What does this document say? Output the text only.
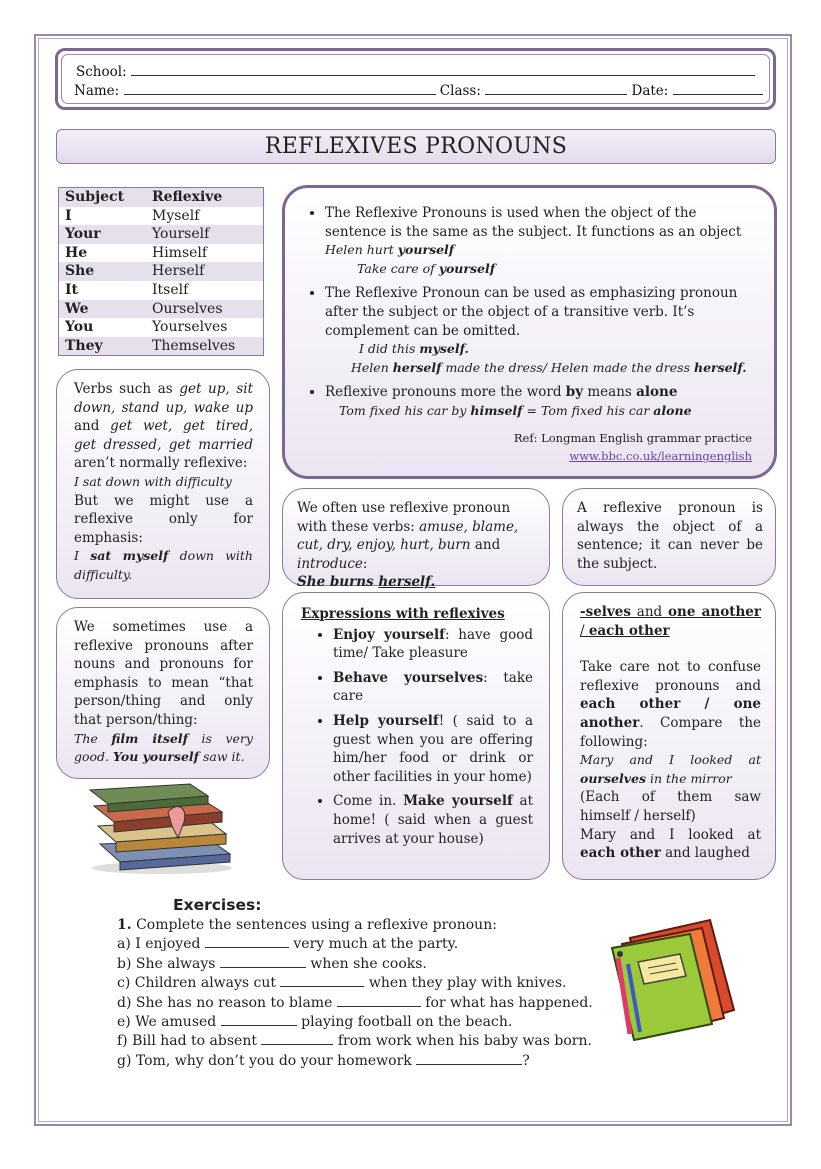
School:
Name:	Class:	Date:
REFLEXIVES PRONOUNS
Subject	Reflexive
I	Myself
Your	Yourself
He	Himself
She	Herself
It	Itself
We	Ourselves
You	Yourselves
They	Themselves
• The Reflexive Pronouns is used when the object of the sentence is the same as the subject. It functions as an object
Helen hurt yourself
Take care of yourself
• The Reflexive Pronoun can be used as emphasizing pronoun after the subject or the object of a transitive verb. It’s complement can be omitted.
I did this myself.
Helen herself made the dress/ Helen made the dress herself.
• Reflexive pronouns more the word by means alone
Tom fixed his car by himself = Tom fixed his car alone
Ref: Longman English grammar practice
www.bbc.co.uk/learningenglish
Verbs such as get up, sit down, stand up, wake up and get wet, get tired, get dressed, get married aren’t normally reflexive:
I sat down with difficulty
But we might use a reflexive only for emphasis:
I sat myself down with difficulty.
We often use reflexive pronoun with these verbs: amuse, blame, cut, dry, enjoy, hurt, burn and introduce:
She burns herself.
A reflexive pronoun is always the object of a sentence; it can never be the subject.
We sometimes use a reflexive pronouns after nouns and pronouns for emphasis to mean “that person/thing and only that person/thing:
The film itself is very good. You yourself saw it.
Expressions with reflexives
• Enjoy yourself: have good time/ Take pleasure
• Behave yourselves: take care
• Help yourself! ( said to a guest when you are offering him/her food or drink or other facilities in your home)
• Come in. Make yourself at home! ( said when a guest arrives at your house)
-selves and one another / each other
Take care not to confuse reflexive pronouns and each other / one another. Compare the following:
Mary and I looked at ourselves in the mirror
(Each of them saw himself / herself)
Mary and I looked at each other and laughed
Exercises:
1. Complete the sentences using a reflexive pronoun:
a) I enjoyed	very much at the party.
b) She always	when she cooks.
c) Children always cut	when they play with knives.
d) She has no reason to blame	for what has happened.
e) We amused	playing football on the beach.
f) Bill had to absent	from work when his baby was born.
g) Tom, why don’t you do your homework	?
